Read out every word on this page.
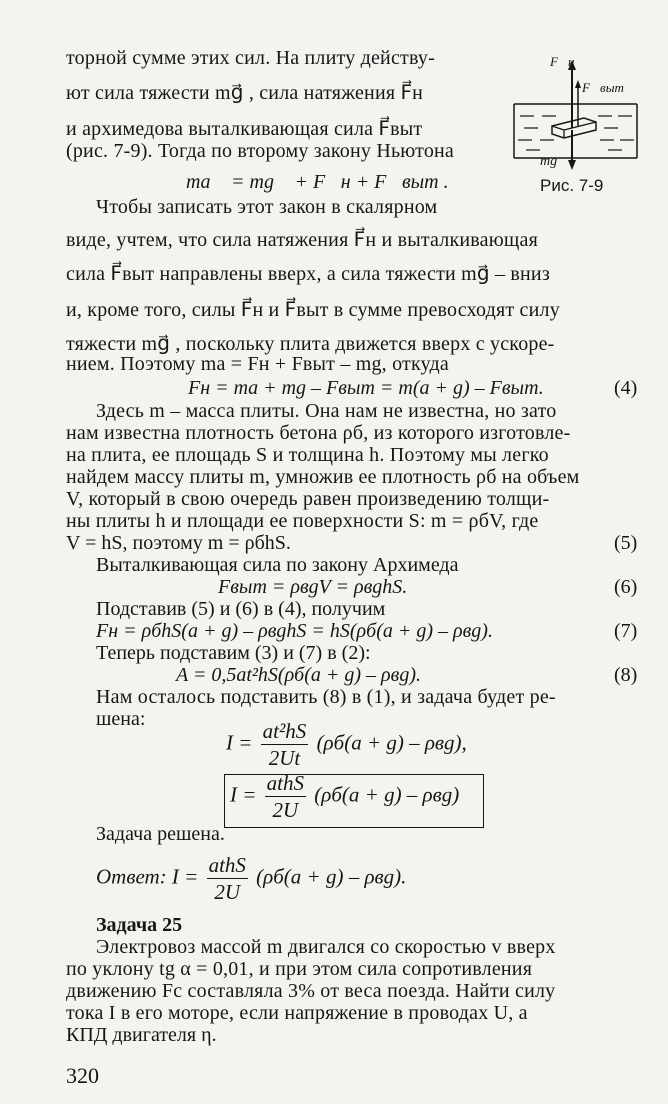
торной сумме этих сил. На плиту действу-
ют сила тяжести mg⃗ , сила натяжения F⃗н
и архимедова выталкивающая сила F⃗выт
(рис. 7-9). Тогда по второму закону Ньютона
ma⃗ = mg⃗ + F⃗н + F⃗выт .
Чтобы записать этот закон в скалярном
F⃗н
F⃗выт
mg⃗
Рис. 7-9
виде, учтем, что сила натяжения F⃗н и выталкивающая
сила F⃗выт направлены вверх, а сила тяжести mg⃗ – вниз
и, кроме того, силы F⃗н и F⃗выт в сумме превосходят силу
тяжести mg⃗ , поскольку плита движется вверх с ускоре-
нием. Поэтому ma = Fн + Fвыт – mg, откуда
Fн = ma + mg – Fвыт = m(a + g) – Fвыт.	(4)
Здесь m – масса плиты. Она нам не известна, но зато
нам известна плотность бетона ρб, из которого изготовле-
на плита, ее площадь S и толщина h. Поэтому мы легко
найдем массу плиты m, умножив ее плотность ρб на объем
V, который в свою очередь равен произведению толщи-
ны плиты h и площади ее поверхности S: m = ρбV, где
V = hS, поэтому m = ρбhS.	(5)
Выталкивающая сила по закону Архимеда
Fвыт = ρвgV = ρвghS.	(6)
Подставив (5) и (6) в (4), получим
Fн = ρбhS(a + g) – ρвghS = hS(ρб(a + g) – ρвg).	(7)
Теперь подставим (3) и (7) в (2):
A = 0,5at²hS(ρб(a + g) – ρвg).	(8)
Нам осталось подставить (8) в (1), и задача будет ре-
шена:
$I = \frac{\text{at²hS}}{2Ut} (\rho б(a + g) - \rho вg)$,
$I = \frac{\text{athS}}{2U} (\rho б(a + g) - \rho вg)$
Задача решена.
Ответ: $I = \frac{\text{athS}}{2U} (\rho б(a + g) - \rho вg)$.
Задача 25
Электровоз массой m двигался со скоростью v вверх
по уклону tg α = 0,01, и при этом сила сопротивления
движению Fс составляла 3% от веса поезда. Найти силу
тока I в его моторе, если напряжение в проводах U, а
КПД двигателя η.
320
